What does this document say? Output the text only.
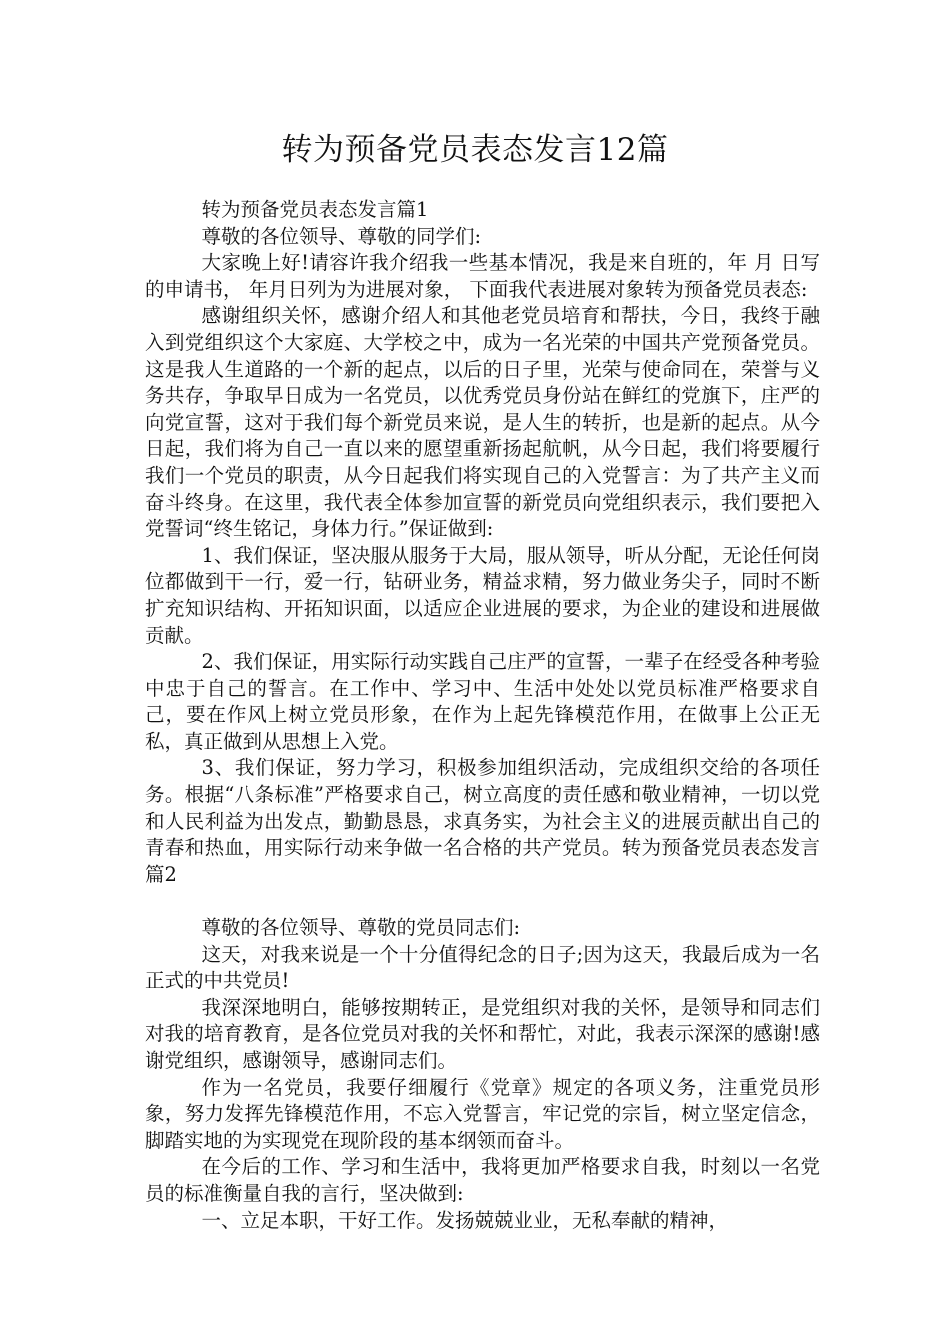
转为预备党员表态发言12篇

转为预备党员表态发言篇1

尊敬的各位领导、尊敬的同学们:

大家晚上好!请容许我介绍我一些基本情况，我是来自班的，年 月 日写的申请书， 年月日列为为进展对象， 下面我代表进展对象转为预备党员表态:

感谢组织关怀，感谢介绍人和其他老党员培育和帮扶，今日，我终于融入到党组织这个大家庭、大学校之中，成为一名光荣的中国共产党预备党员。这是我人生道路的一个新的起点，以后的日子里，光荣与使命同在，荣誉与义务共存，争取早日成为一名党员，以优秀党员身份站在鲜红的党旗下，庄严的向党宣誓，这对于我们每个新党员来说，是人生的转折，也是新的起点。从今日起，我们将为自己一直以来的愿望重新扬起航帆，从今日起，我们将要履行我们一个党员的职责，从今日起我们将实现自己的入党誓言：为了共产主义而奋斗终身。在这里，我代表全体参加宣誓的新党员向党组织表示，我们要把入党誓词“终生铭记，身体力行。”保证做到:

1、我们保证，坚决服从服务于大局，服从领导，听从分配，无论任何岗位都做到干一行，爱一行，钻研业务，精益求精，努力做业务尖子，同时不断扩充知识结构、开拓知识面，以适应企业进展的要求，为企业的建设和进展做贡献。

2、我们保证，用实际行动实践自己庄严的宣誓，一辈子在经受各种考验中忠于自己的誓言。在工作中、学习中、生活中处处以党员标准严格要求自己，要在作风上树立党员形象，在作为上起先锋模范作用，在做事上公正无私，真正做到从思想上入党。

3、我们保证，努力学习，积极参加组织活动，完成组织交给的各项任务。根据“八条标准”严格要求自己，树立高度的责任感和敬业精神，一切以党和人民利益为出发点，勤勤恳恳，求真务实，为社会主义的进展贡献出自己的青春和热血，用实际行动来争做一名合格的共产党员。转为预备党员表态发言篇2

尊敬的各位领导、尊敬的党员同志们:

这天，对我来说是一个十分值得纪念的日子;因为这天，我最后成为一名正式的中共党员!

我深深地明白，能够按期转正，是党组织对我的关怀，是领导和同志们对我的培育教育，是各位党员对我的关怀和帮忙，对此，我表示深深的感谢!感谢党组织，感谢领导，感谢同志们。

作为一名党员，我要仔细履行《党章》规定的各项义务，注重党员形象，努力发挥先锋模范作用，不忘入党誓言，牢记党的宗旨，树立坚定信念，脚踏实地的为实现党在现阶段的基本纲领而奋斗。

在今后的工作、学习和生活中，我将更加严格要求自我，时刻以一名党员的标准衡量自我的言行，坚决做到:

一、立足本职，干好工作。发扬兢兢业业，无私奉献的精神，
